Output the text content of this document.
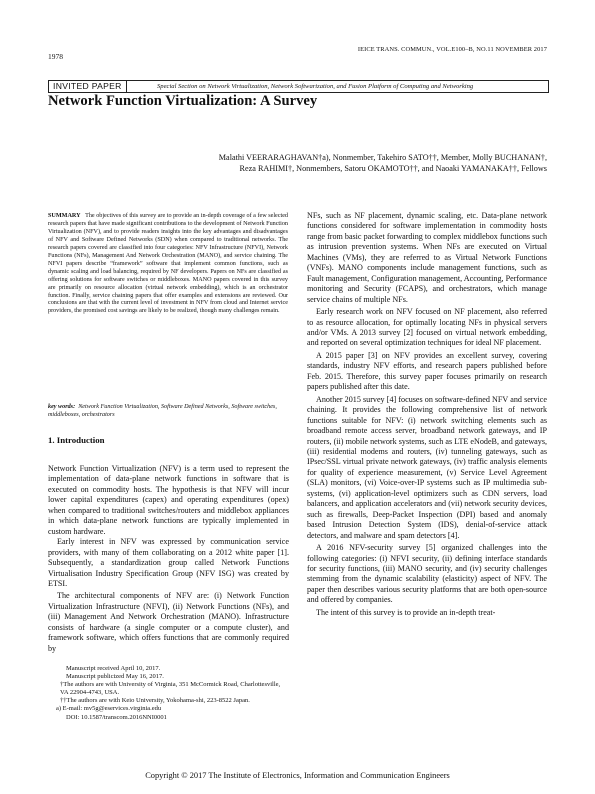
1978
IEICE TRANS. COMMUN., VOL.E100–B, NO.11 NOVEMBER 2017
INVITED PAPER	Special Section on Network Virtualization, Network Softwarization, and Fusion Platform of Computing and Networking
Network Function Virtualization: A Survey
Malathi VEERARAGHAVAN†a), Nonmember, Takehiro SATO††, Member, Molly BUCHANAN†,
Reza RAHIMI†, Nonmembers, Satoru OKAMOTO††, and Naoaki YAMANAKA††, Fellows
SUMMARY The objectives of this survey are to provide an in-depth coverage of a few selected research papers that have made significant contributions to the development of Network Function Virtualization (NFV), and to provide readers insights into the key advantages and disadvantages of NFV and Software Defined Networks (SDN) when compared to traditional networks. The research papers covered are classified into four categories: NFV Infrastructure (NFVI), Network Functions (NFs), Management And Network Orchestration (MANO), and service chaining. The NFVI papers describe “framework” software that implement common functions, such as dynamic scaling and load balancing, required by NF developers. Papers on NFs are classified as offering solutions for software switches or middleboxes. MANO papers covered in this survey are primarily on resource allocation (virtual network embedding), which is an orchestrator function. Finally, service chaining papers that offer examples and extensions are reviewed. Our conclusions are that with the current level of investment in NFV from cloud and Internet service providers, the promised cost savings are likely to be realized, though many challenges remain.
key words: Network Function Virtualization, Software Defined Networks, Software switches, middleboxes, orchestrators
1. Introduction

Network Function Virtualization (NFV) is a term used to represent the implementation of data-plane network functions in software that is executed on commodity hosts. The hypothesis is that NFV will incur lower capital expenditures (capex) and operating expenditures (opex) when compared to traditional switches/routers and middlebox appliances in which data-plane network functions are typically implemented in custom hardware.

Early interest in NFV was expressed by communication service providers, with many of them collaborating on a 2012 white paper [1]. Subsequently, a standardization group called Network Functions Virtualisation Industry Specification Group (NFV ISG) was created by ETSI.

The architectural components of NFV are: (i) Network Function Virtualization Infrastructure (NFVI), (ii) Network Functions (NFs), and (iii) Management And Network Orchestration (MANO). Infrastructure consists of hardware (a single computer or a compute cluster), and framework software, which offers functions that are commonly required by

Manuscript received April 10, 2017.
Manuscript publicized May 16, 2017.
†The authors are with University of Virginia, 351 McCormick Road, Charlottesville, VA 22904-4743, USA.
††The authors are with Keio University, Yokohama-shi, 223-8522 Japan.
a) E-mail: mv5g@eservices.virginia.edu
DOI: 10.1587/transcom.2016NNI0001

NFs, such as NF placement, dynamic scaling, etc. Data-plane network functions considered for software implementation in commodity hosts range from basic packet forwarding to complex middlebox functions such as intrusion prevention systems. When NFs are executed on Virtual Machines (VMs), they are referred to as Virtual Network Functions (VNFs). MANO components include management functions, such as Fault management, Configuration management, Accounting, Performance monitoring and Security (FCAPS), and orchestrators, which manage service chains of multiple NFs.

Early research work on NFV focused on NF placement, also referred to as resource allocation, for optimally locating NFs in physical servers and/or VMs. A 2013 survey [2] focused on virtual network embedding, and reported on several optimization techniques for ideal NF placement.

A 2015 paper [3] on NFV provides an excellent survey, covering standards, industry NFV efforts, and research papers published before Feb. 2015. Therefore, this survey paper focuses primarily on research papers published after this date.

Another 2015 survey [4] focuses on software-defined NFV and service chaining. It provides the following comprehensive list of network functions suitable for NFV: (i) network switching elements such as broadband remote access server, broadband network gateways, and IP routers, (ii) mobile network systems, such as LTE eNodeB, and gateways, (iii) residential modems and routers, (iv) tunneling gateways, such as IPsec/SSL virtual private network gateways, (iv) traffic analysis elements for quality of experience measurement, (v) Service Level Agreement (SLA) monitors, (vi) Voice-over-IP systems such as IP multimedia sub-systems, (vi) application-level optimizers such as CDN servers, load balancers, and application accelerators and (vii) network security devices, such as firewalls, Deep-Packet Inspection (DPI) based and anomaly based Intrusion Detection System (IDS), denial-of-service attack detectors, and malware and spam detectors [4].

A 2016 NFV-security survey [5] organized challenges into the following categories: (i) NFVI security, (ii) defining interface standards for security functions, (iii) MANO security, and (iv) security challenges stemming from the dynamic scalability (elasticity) aspect of NFV. The paper then describes various security platforms that are both open-source and offered by companies.

The intent of this survey is to provide an in-depth treat-

Copyright © 2017 The Institute of Electronics, Information and Communication Engineers
